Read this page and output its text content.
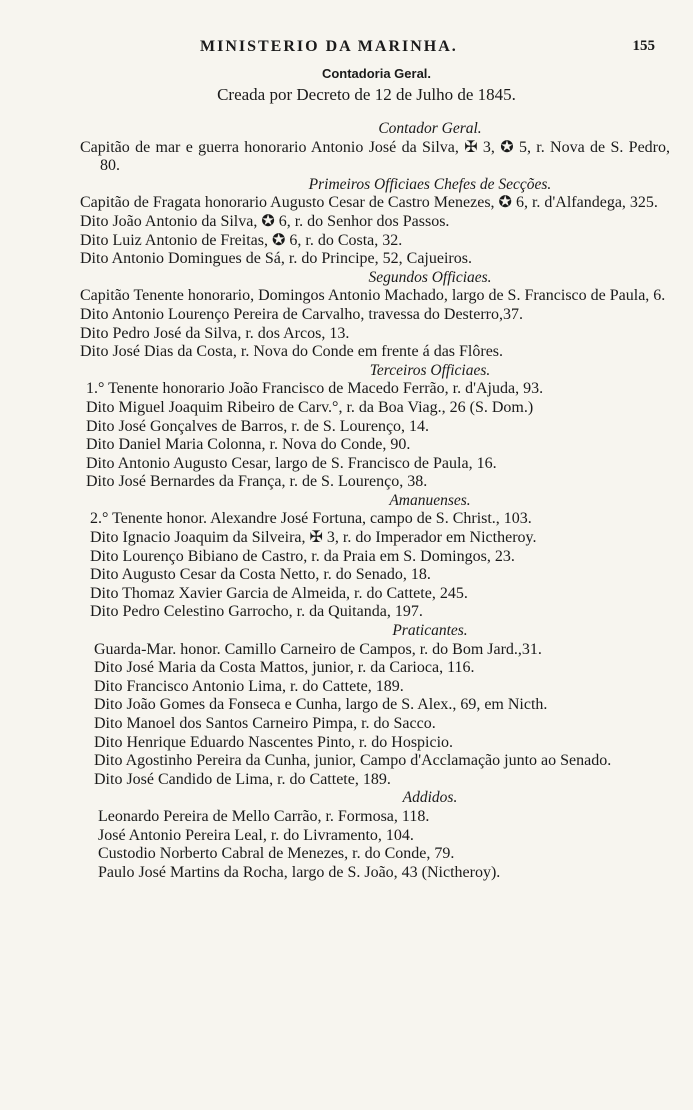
MINISTERIO DA MARINHA.	155
Contadoria Geral.
Creada por Decreto de 12 de Julho de 1845.
Contador Geral.

Capitão de mar e guerra honorario Antonio José da Silva, ✠ 3, ✪ 5, r. Nova de S. Pedro, 80.

Primeiros Officiaes Chefes de Secções.

Capitão de Fragata honorario Augusto Cesar de Castro Menezes, ✪ 6, r. d'Alfandega, 325.

Dito João Antonio da Silva, ✪ 6, r. do Senhor dos Passos.

Dito Luiz Antonio de Freitas, ✪ 6, r. do Costa, 32.

Dito Antonio Domingues de Sá, r. do Principe, 52, Cajueiros.

Segundos Officiaes.

Capitão Tenente honorario, Domingos Antonio Machado, largo de S. Francisco de Paula, 6.

Dito Antonio Lourenço Pereira de Carvalho, travessa do Desterro,37.

Dito Pedro José da Silva, r. dos Arcos, 13.

Dito José Dias da Costa, r. Nova do Conde em frente á das Flôres.

Terceiros Officiaes.

1.° Tenente honorario João Francisco de Macedo Ferrão, r. d'Ajuda, 93.

Dito Miguel Joaquim Ribeiro de Carv.°, r. da Boa Viag., 26 (S. Dom.)

Dito José Gonçalves de Barros, r. de S. Lourenço, 14.

Dito Daniel Maria Colonna, r. Nova do Conde, 90.

Dito Antonio Augusto Cesar, largo de S. Francisco de Paula, 16.

Dito José Bernardes da França, r. de S. Lourenço, 38.

Amanuenses.

2.° Tenente honor. Alexandre José Fortuna, campo de S. Christ., 103.

Dito Ignacio Joaquim da Silveira, ✠ 3, r. do Imperador em Nictheroy.

Dito Lourenço Bibiano de Castro, r. da Praia em S. Domingos, 23.

Dito Augusto Cesar da Costa Netto, r. do Senado, 18.

Dito Thomaz Xavier Garcia de Almeida, r. do Cattete, 245.

Dito Pedro Celestino Garrocho, r. da Quitanda, 197.

Praticantes.

Guarda-Mar. honor. Camillo Carneiro de Campos, r. do Bom Jard.,31.

Dito José Maria da Costa Mattos, junior, r. da Carioca, 116.

Dito Francisco Antonio Lima, r. do Cattete, 189.

Dito João Gomes da Fonseca e Cunha, largo de S. Alex., 69, em Nicth.

Dito Manoel dos Santos Carneiro Pimpa, r. do Sacco.

Dito Henrique Eduardo Nascentes Pinto, r. do Hospicio.

Dito Agostinho Pereira da Cunha, junior, Campo d'Acclamação junto ao Senado.

Dito José Candido de Lima, r. do Cattete, 189.

Addidos.

Leonardo Pereira de Mello Carrão, r. Formosa, 118.

José Antonio Pereira Leal, r. do Livramento, 104.

Custodio Norberto Cabral de Menezes, r. do Conde, 79.

Paulo José Martins da Rocha, largo de S. João, 43 (Nictheroy).
